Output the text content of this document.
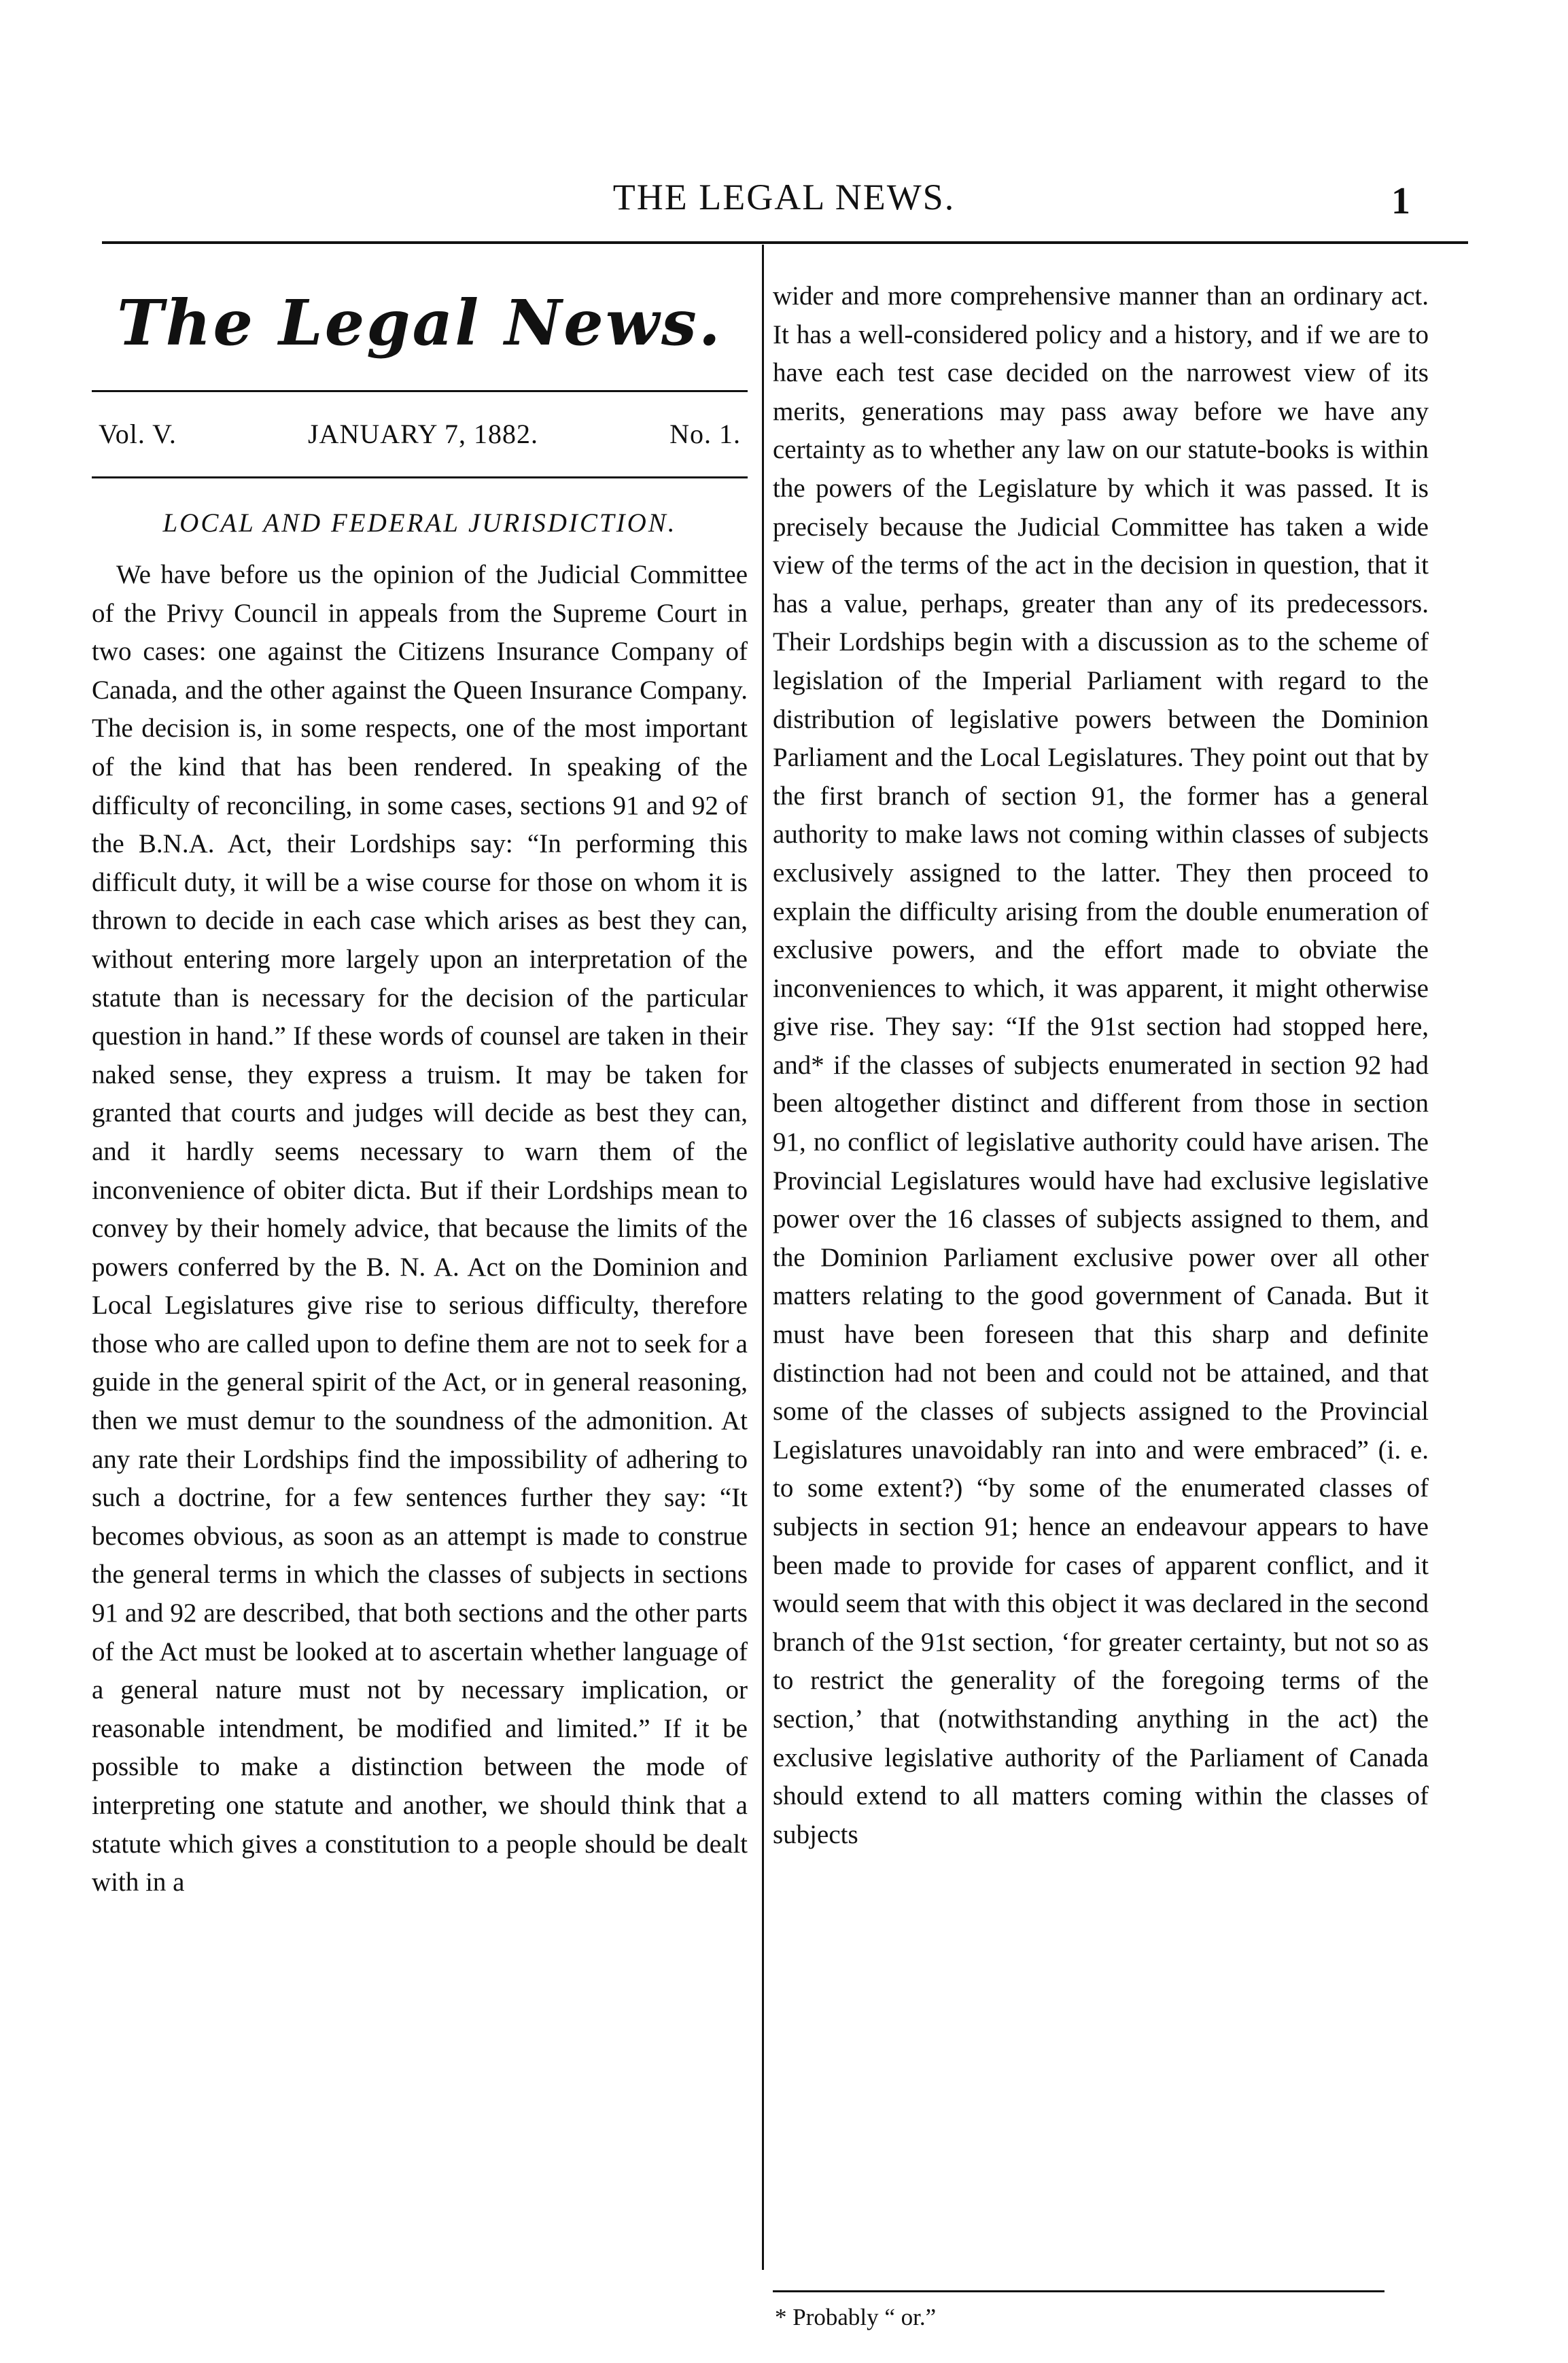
THE LEGAL NEWS.	1
The Legal News.
Vol. V.	JANUARY 7, 1882.	No. 1.
LOCAL AND FEDERAL JURISDICTION.

We have before us the opinion of the Judicial Committee of the Privy Council in appeals from the Supreme Court in two cases: one against the Citizens Insurance Company of Canada, and the other against the Queen Insurance Company. The decision is, in some respects, one of the most important of the kind that has been rendered. In speaking of the difficulty of reconciling, in some cases, sections 91 and 92 of the B.N.A. Act, their Lordships say: “In performing this difficult duty, it will be a wise course for those on whom it is thrown to decide in each case which arises as best they can, without entering more largely upon an interpretation of the statute than is necessary for the decision of the particular question in hand.” If these words of counsel are taken in their naked sense, they express a truism. It may be taken for granted that courts and judges will decide as best they can, and it hardly seems necessary to warn them of the inconvenience of obiter dicta. But if their Lordships mean to convey by their homely advice, that because the limits of the powers conferred by the B. N. A. Act on the Dominion and Local Legislatures give rise to serious difficulty, therefore those who are called upon to define them are not to seek for a guide in the general spirit of the Act, or in general reasoning, then we must demur to the soundness of the admonition. At any rate their Lordships find the impossibility of adhering to such a doctrine, for a few sentences further they say: “It becomes obvious, as soon as an attempt is made to construe the general terms in which the classes of subjects in sections 91 and 92 are described, that both sections and the other parts of the Act must be looked at to ascertain whether language of a general nature must not by necessary implication, or reasonable intendment, be modified and limited.” If it be possible to make a distinction between the mode of interpreting one statute and another, we should think that a statute which gives a constitution to a people should be dealt with in a

wider and more comprehensive manner than an ordinary act. It has a well-considered policy and a history, and if we are to have each test case decided on the narrowest view of its merits, generations may pass away before we have any certainty as to whether any law on our statute-books is within the powers of the Legislature by which it was passed. It is precisely because the Judicial Committee has taken a wide view of the terms of the act in the decision in question, that it has a value, perhaps, greater than any of its predecessors. Their Lordships begin with a discussion as to the scheme of legislation of the Imperial Parliament with regard to the distribution of legislative powers between the Dominion Parliament and the Local Legislatures. They point out that by the first branch of section 91, the former has a general authority to make laws not coming within classes of subjects exclusively assigned to the latter. They then proceed to explain the difficulty arising from the double enumeration of exclusive powers, and the effort made to obviate the inconveniences to which, it was apparent, it might otherwise give rise. They say: “If the 91st section had stopped here, and* if the classes of subjects enumerated in section 92 had been altogether distinct and different from those in section 91, no conflict of legislative authority could have arisen. The Provincial Legislatures would have had exclusive legislative power over the 16 classes of subjects assigned to them, and the Dominion Parliament exclusive power over all other matters relating to the good government of Canada. But it must have been foreseen that this sharp and definite distinction had not been and could not be attained, and that some of the classes of subjects assigned to the Provincial Legislatures unavoidably ran into and were embraced” (i. e. to some extent?) “by some of the enumerated classes of subjects in section 91; hence an endeavour appears to have been made to provide for cases of apparent conflict, and it would seem that with this object it was declared in the second branch of the 91st section, ‘for greater certainty, but not so as to restrict the generality of the foregoing terms of the section,’ that (notwithstanding anything in the act) the exclusive legislative authority of the Parliament of Canada should extend to all matters coming within the classes of subjects

* Probably “ or.”
